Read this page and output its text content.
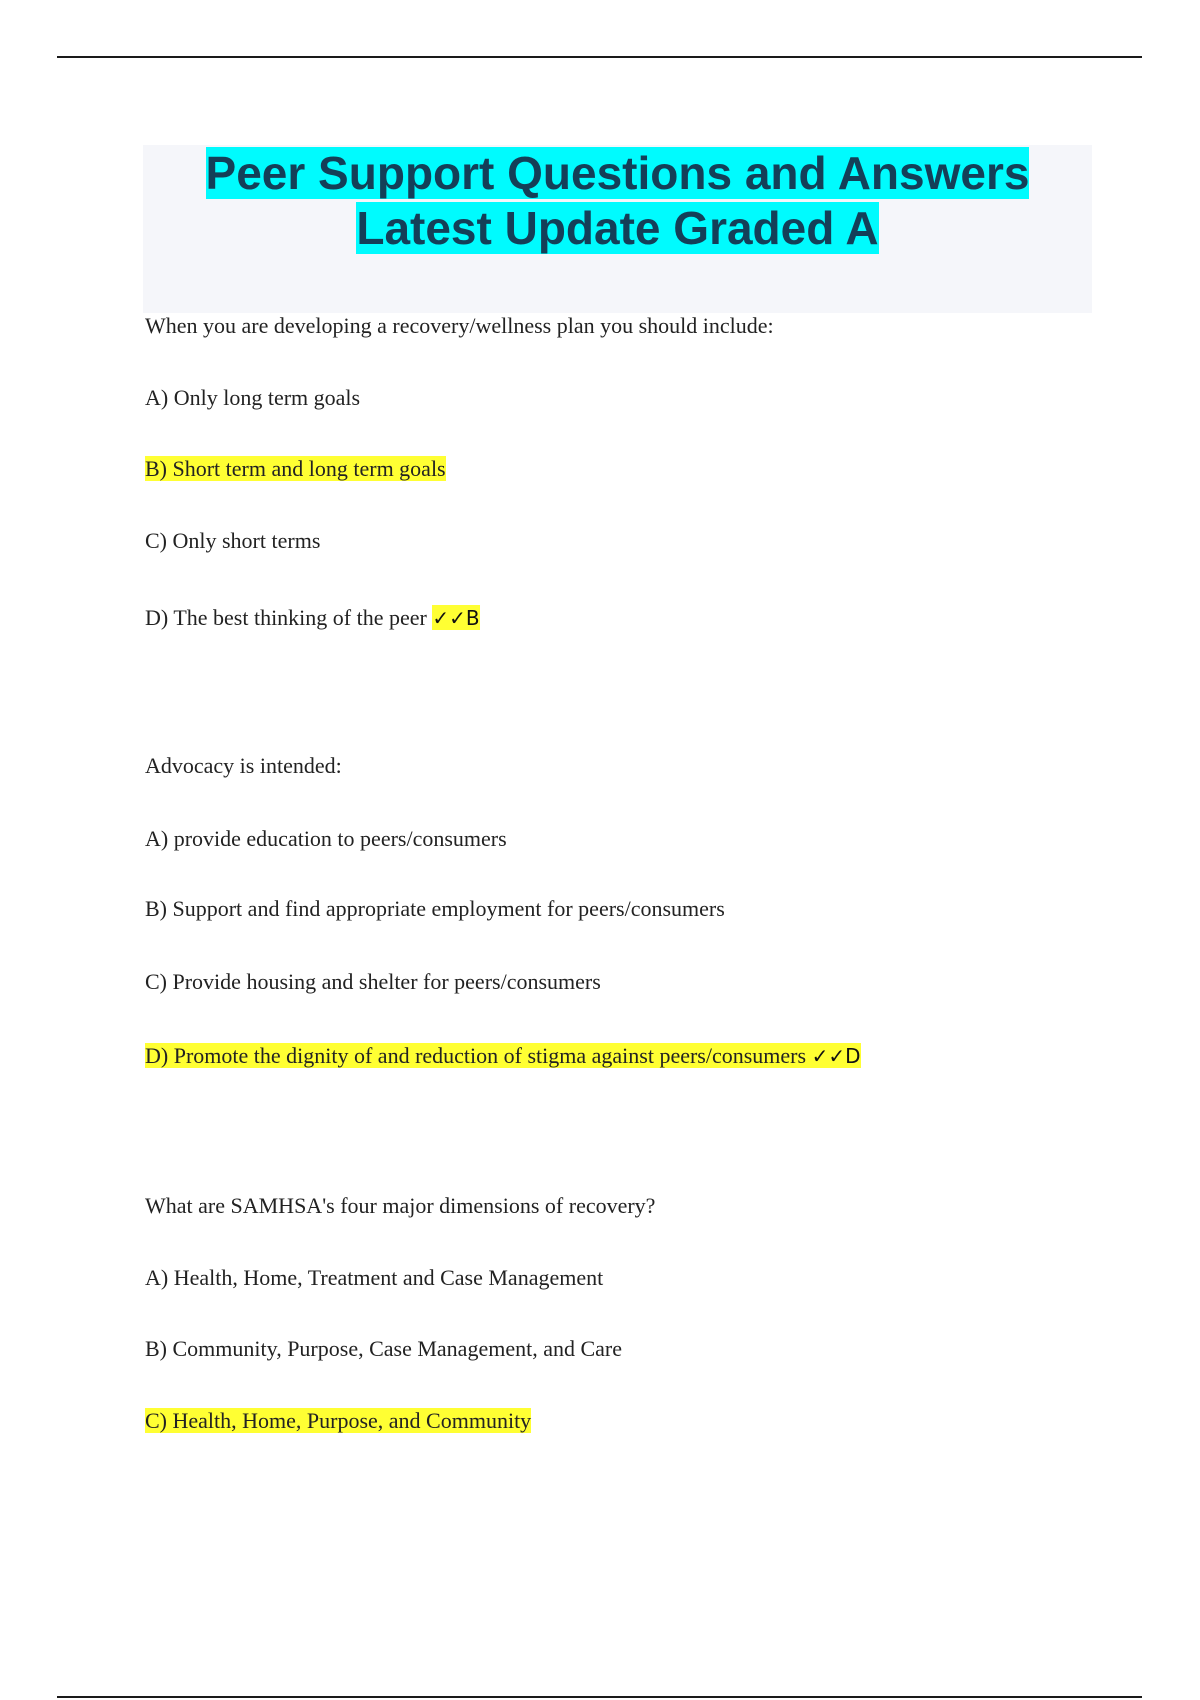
Peer Support Questions and Answers
Latest Update Graded A
When you are developing a recovery/wellness plan you should include:
A) Only long term goals
B) Short term and long term goals
C) Only short terms
D) The best thinking of the peer ✓✓B
Advocacy is intended:
A) provide education to peers/consumers
B) Support and find appropriate employment for peers/consumers
C) Provide housing and shelter for peers/consumers
D) Promote the dignity of and reduction of stigma against peers/consumers ✓✓D
What are SAMHSA's four major dimensions of recovery?
A) Health, Home, Treatment and Case Management
B) Community, Purpose, Case Management, and Care
C) Health, Home, Purpose, and Community
